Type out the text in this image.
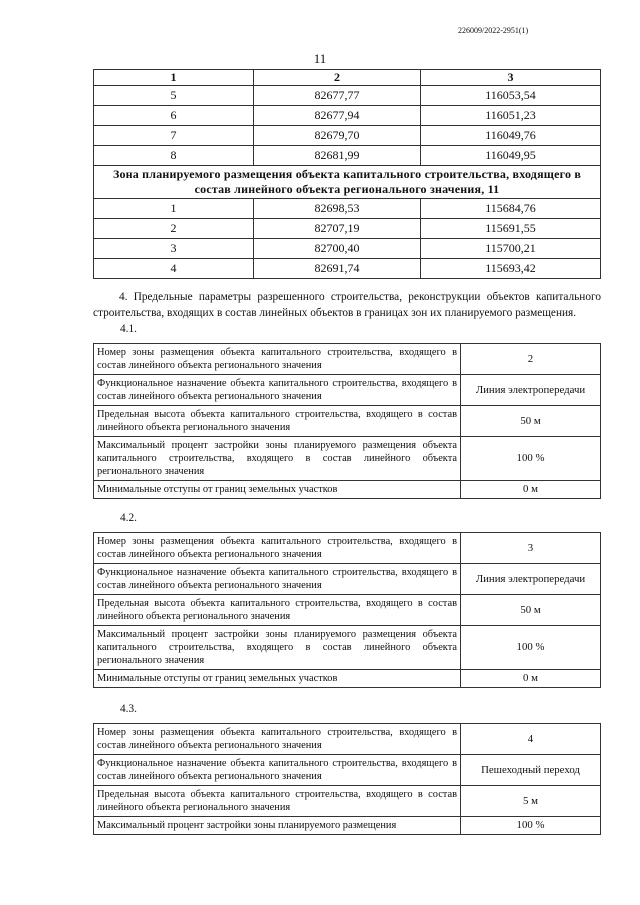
226009/2022-2951(1)
11
1	2	3
5	82677,77	116053,54
6	82677,94	116051,23
7	82679,70	116049,76
8	82681,99	116049,95
Зона планируемого размещения объекта капитального строительства, входящего в состав линейного объекта регионального значения, 11		
1	82698,53	115684,76
2	82707,19	115691,55
3	82700,40	115700,21
4	82691,74	115693,42
4. Предельные параметры разрешенного строительства, реконструкции объектов капитального строительства, входящих в состав линейных объектов в границах зон их планируемого размещения.
4.1.
Номер зоны размещения объекта капитального строительства, входящего в состав линейного объекта регионального значения	2
Функциональное назначение объекта капитального строительства, входящего в состав линейного объекта регионального значения	Линия электропередачи
Предельная высота объекта капитального строительства, входящего в состав линейного объекта регионального значения	50 м
Максимальный процент застройки зоны планируемого размещения объекта капитального строительства, входящего в состав линейного объекта регионального значения	100 %
Минимальные отступы от границ земельных участков	0 м
4.2.
Номер зоны размещения объекта капитального строительства, входящего в состав линейного объекта регионального значения	3
Функциональное назначение объекта капитального строительства, входящего в состав линейного объекта регионального значения	Линия электропередачи
Предельная высота объекта капитального строительства, входящего в состав линейного объекта регионального значения	50 м
Максимальный процент застройки зоны планируемого размещения объекта капитального строительства, входящего в состав линейного объекта регионального значения	100 %
Минимальные отступы от границ земельных участков	0 м
4.3.
Номер зоны размещения объекта капитального строительства, входящего в состав линейного объекта регионального значения	4
Функциональное назначение объекта капитального строительства, входящего в состав линейного объекта регионального значения	Пешеходный переход
Предельная высота объекта капитального строительства, входящего в состав линейного объекта регионального значения	5 м
Максимальный процент застройки зоны планируемого размещения	100 %
